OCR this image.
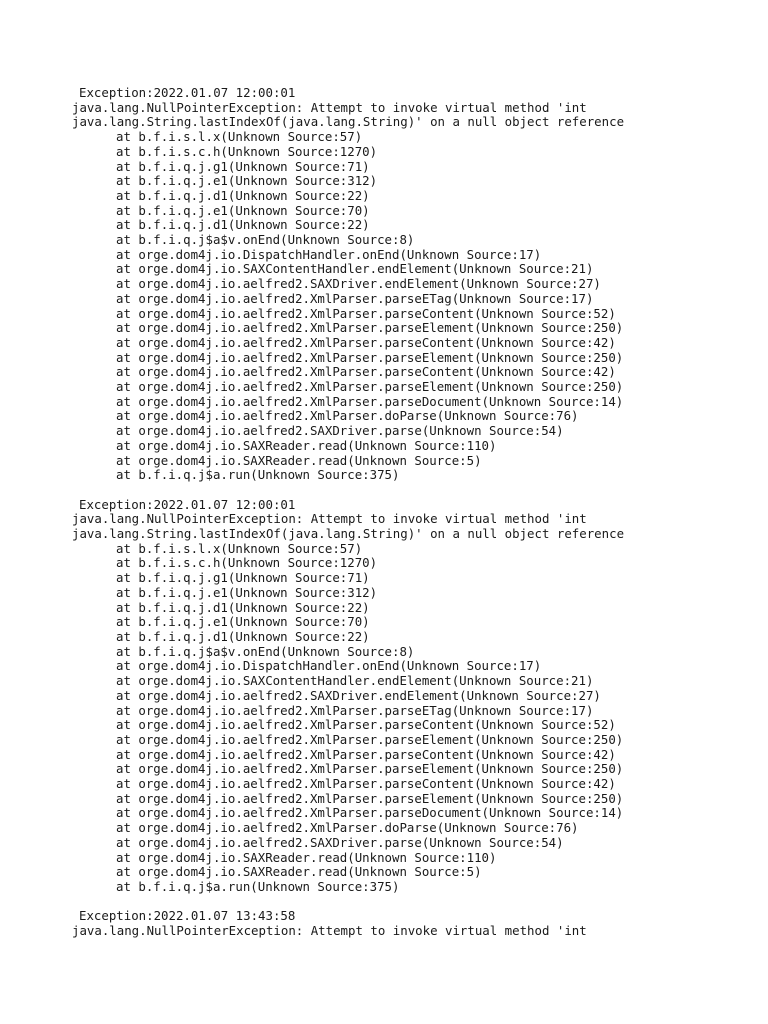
Exception:2022.01.07 12:00:01
java.lang.NullPointerException: Attempt to invoke virtual method 'int
java.lang.String.lastIndexOf(java.lang.String)' on a null object reference
at b.f.i.s.l.x(Unknown Source:57)
at b.f.i.s.c.h(Unknown Source:1270)
at b.f.i.q.j.g1(Unknown Source:71)
at b.f.i.q.j.e1(Unknown Source:312)
at b.f.i.q.j.d1(Unknown Source:22)
at b.f.i.q.j.e1(Unknown Source:70)
at b.f.i.q.j.d1(Unknown Source:22)
at b.f.i.q.j$a$v.onEnd(Unknown Source:8)
at orge.dom4j.io.DispatchHandler.onEnd(Unknown Source:17)
at orge.dom4j.io.SAXContentHandler.endElement(Unknown Source:21)
at orge.dom4j.io.aelfred2.SAXDriver.endElement(Unknown Source:27)
at orge.dom4j.io.aelfred2.XmlParser.parseETag(Unknown Source:17)
at orge.dom4j.io.aelfred2.XmlParser.parseContent(Unknown Source:52)
at orge.dom4j.io.aelfred2.XmlParser.parseElement(Unknown Source:250)
at orge.dom4j.io.aelfred2.XmlParser.parseContent(Unknown Source:42)
at orge.dom4j.io.aelfred2.XmlParser.parseElement(Unknown Source:250)
at orge.dom4j.io.aelfred2.XmlParser.parseContent(Unknown Source:42)
at orge.dom4j.io.aelfred2.XmlParser.parseElement(Unknown Source:250)
at orge.dom4j.io.aelfred2.XmlParser.parseDocument(Unknown Source:14)
at orge.dom4j.io.aelfred2.XmlParser.doParse(Unknown Source:76)
at orge.dom4j.io.aelfred2.SAXDriver.parse(Unknown Source:54)
at orge.dom4j.io.SAXReader.read(Unknown Source:110)
at orge.dom4j.io.SAXReader.read(Unknown Source:5)
at b.f.i.q.j$a.run(Unknown Source:375)
Exception:2022.01.07 12:00:01
java.lang.NullPointerException: Attempt to invoke virtual method 'int
java.lang.String.lastIndexOf(java.lang.String)' on a null object reference
at b.f.i.s.l.x(Unknown Source:57)
at b.f.i.s.c.h(Unknown Source:1270)
at b.f.i.q.j.g1(Unknown Source:71)
at b.f.i.q.j.e1(Unknown Source:312)
at b.f.i.q.j.d1(Unknown Source:22)
at b.f.i.q.j.e1(Unknown Source:70)
at b.f.i.q.j.d1(Unknown Source:22)
at b.f.i.q.j$a$v.onEnd(Unknown Source:8)
at orge.dom4j.io.DispatchHandler.onEnd(Unknown Source:17)
at orge.dom4j.io.SAXContentHandler.endElement(Unknown Source:21)
at orge.dom4j.io.aelfred2.SAXDriver.endElement(Unknown Source:27)
at orge.dom4j.io.aelfred2.XmlParser.parseETag(Unknown Source:17)
at orge.dom4j.io.aelfred2.XmlParser.parseContent(Unknown Source:52)
at orge.dom4j.io.aelfred2.XmlParser.parseElement(Unknown Source:250)
at orge.dom4j.io.aelfred2.XmlParser.parseContent(Unknown Source:42)
at orge.dom4j.io.aelfred2.XmlParser.parseElement(Unknown Source:250)
at orge.dom4j.io.aelfred2.XmlParser.parseContent(Unknown Source:42)
at orge.dom4j.io.aelfred2.XmlParser.parseElement(Unknown Source:250)
at orge.dom4j.io.aelfred2.XmlParser.parseDocument(Unknown Source:14)
at orge.dom4j.io.aelfred2.XmlParser.doParse(Unknown Source:76)
at orge.dom4j.io.aelfred2.SAXDriver.parse(Unknown Source:54)
at orge.dom4j.io.SAXReader.read(Unknown Source:110)
at orge.dom4j.io.SAXReader.read(Unknown Source:5)
at b.f.i.q.j$a.run(Unknown Source:375)
Exception:2022.01.07 13:43:58
java.lang.NullPointerException: Attempt to invoke virtual method 'int
